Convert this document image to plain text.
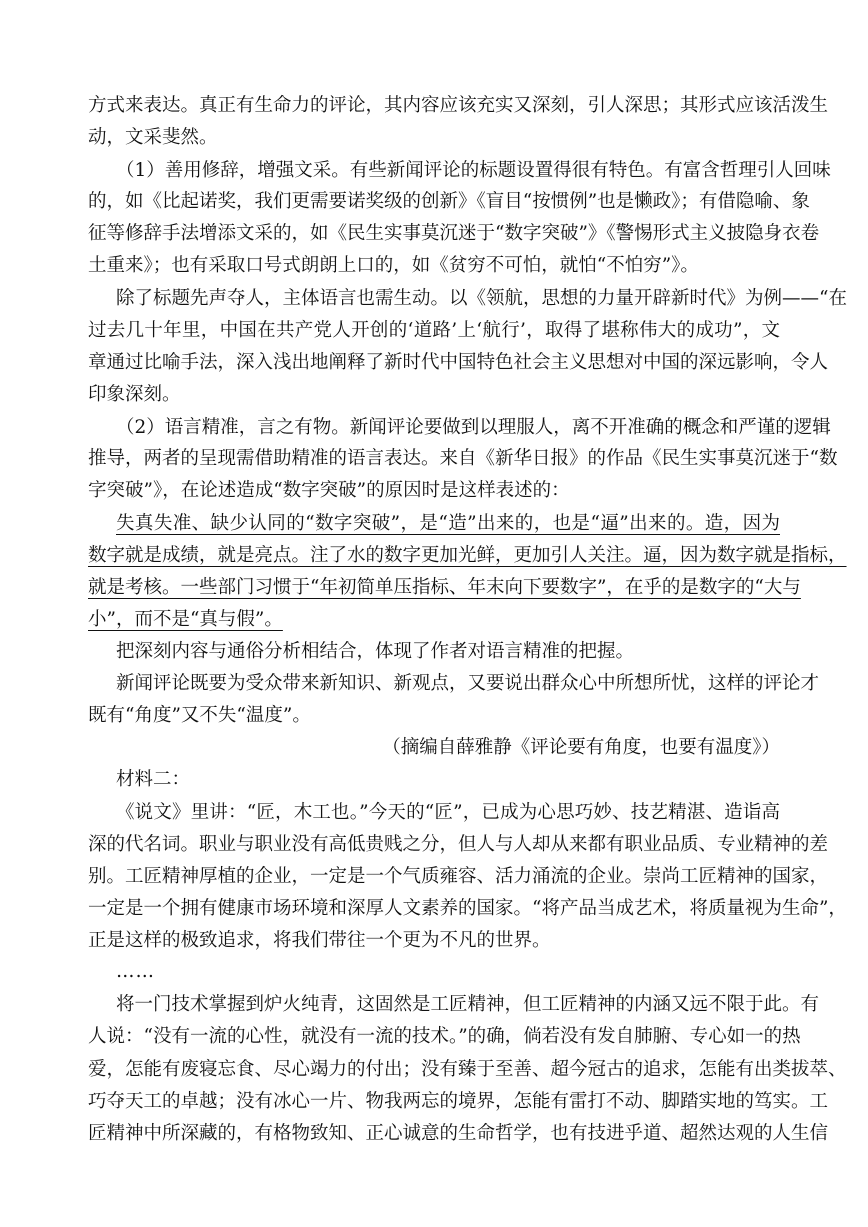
方式来表达。真正有生命力的评论，其内容应该充实又深刻，引人深思；其形式应该活泼生
动，文采斐然。
（1）善用修辞，增强文采。有些新闻评论的标题设置得很有特色。有富含哲理引人回味
的，如《比起诺奖，我们更需要诺奖级的创新》《盲目“按惯例”也是懒政》；有借隐喻、象
征等修辞手法增添文采的，如《民生实事莫沉迷于“数字突破”》《警惕形式主义披隐身衣卷
土重来》；也有采取口号式朗朗上口的，如《贫穷不可怕，就怕“不怕穷”》。
除了标题先声夺人，主体语言也需生动。以《领航，思想的力量开辟新时代》为例——“在
过去几十年里，中国在共产党人开创的‘道路’上‘航行’，取得了堪称伟大的成功”，文
章通过比喻手法，深入浅出地阐释了新时代中国特色社会主义思想对中国的深远影响，令人
印象深刻。
（2）语言精准，言之有物。新闻评论要做到以理服人，离不开准确的概念和严谨的逻辑
推导，两者的呈现需借助精准的语言表达。来自《新华日报》的作品《民生实事莫沉迷于“数
字突破”》，在论述造成“数字突破”的原因时是这样表述的：
失真失准、缺少认同的“数字突破”，是“造”出来的，也是“逼”出来的。造，因为
数字就是成绩，就是亮点。注了水的数字更加光鲜，更加引人关注。逼，因为数字就是指标，
就是考核。一些部门习惯于“年初简单压指标、年末向下要数字”，在乎的是数字的“大与
小”，而不是“真与假”。
把深刻内容与通俗分析相结合，体现了作者对语言精准的把握。
新闻评论既要为受众带来新知识、新观点，又要说出群众心中所想所忧，这样的评论才
既有“角度”又不失“温度”。
（摘编自薛雅静《评论要有角度，也要有温度》）
材料二：
《说文》里讲：“匠，木工也。”今天的“匠”，已成为心思巧妙、技艺精湛、造诣高
深的代名词。职业与职业没有高低贵贱之分，但人与人却从来都有职业品质、专业精神的差
别。工匠精神厚植的企业，一定是一个气质雍容、活力涌流的企业。崇尚工匠精神的国家，
一定是一个拥有健康市场环境和深厚人文素养的国家。“将产品当成艺术，将质量视为生命”，
正是这样的极致追求，将我们带往一个更为不凡的世界。
……
将一门技术掌握到炉火纯青，这固然是工匠精神，但工匠精神的内涵又远不限于此。有
人说：“没有一流的心性，就没有一流的技术。”的确，倘若没有发自肺腑、专心如一的热
爱，怎能有废寝忘食、尽心竭力的付出；没有臻于至善、超今冠古的追求，怎能有出类拔萃、
巧夺天工的卓越；没有冰心一片、物我两忘的境界，怎能有雷打不动、脚踏实地的笃实。工
匠精神中所深藏的，有格物致知、正心诚意的生命哲学，也有技进乎道、超然达观的人生信
